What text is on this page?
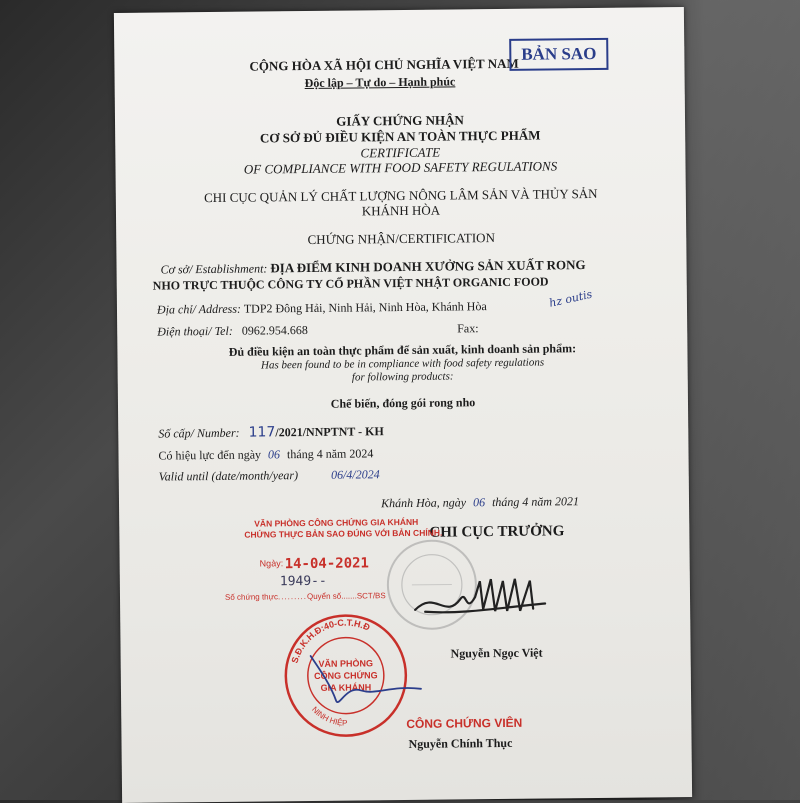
CỘNG HÒA XÃ HỘI CHỦ NGHĨA VIỆT NAM
Độc lập – Tự do – Hạnh phúc
BẢN SAO
GIẤY CHỨNG NHẬN
CƠ SỞ ĐỦ ĐIỀU KIỆN AN TOÀN THỰC PHẨM
CERTIFICATE
OF COMPLIANCE WITH FOOD SAFETY REGULATIONS
CHI CỤC QUẢN LÝ CHẤT LƯỢNG NÔNG LÂM SẢN VÀ THỦY SẢN
KHÁNH HÒA
CHỨNG NHẬN/CERTIFICATION
Cơ sở/ Establishment: ĐỊA ĐIỂM KINH DOANH XƯỞNG SẢN XUẤT RONG
NHO TRỰC THUỘC CÔNG TY CỔ PHẦN VIỆT NHẬT ORGANIC FOOD
Địa chỉ/ Address: TDP2 Đông Hải, Ninh Hải, Ninh Hòa, Khánh Hòa	hz outis
Điện thoại/ Tel: 0962.954.668	Fax:
Đủ điều kiện an toàn thực phẩm để sản xuất, kinh doanh sản phẩm:
Has been found to be in compliance with food safety regulations
for following products:
Chế biến, đóng gói rong nho
Số cấp/ Number: 117/2021/NNPTNT - KH
Có hiệu lực đến ngày 06 tháng 4 năm 2024
Valid until (date/month/year)	06/4/2024
Khánh Hòa, ngày 06 tháng 4 năm 2021
CHI CỤC TRƯỞNG
VĂN PHÒNG CÔNG CHỨNG GIA KHÁNH
CHỨNG THỰC BẢN SAO ĐÚNG VỚI BẢN CHÍNH.
Ngày: 14-04-2021
1949--
Số chứng thực.........Quyển số.......SCT/BS
Nguyễn Ngọc Việt
S.Đ.K.H.Đ:40-C.T.H.Đ
NINH HIỆP
VĂN PHÒNG
CÔNG CHỨNG
GIA KHÁNH
CÔNG CHỨNG VIÊN
Nguyễn Chính Thục
